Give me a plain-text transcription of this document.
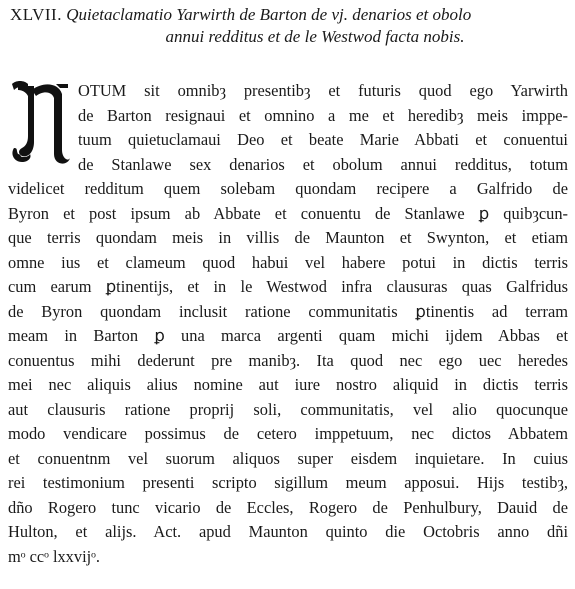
XLVII. Quietaclamatio Yarwirth de Barton de vj. denarios et obolo
annui redditus et de le Westwod facta nobis.
OTUM sit omnibȝ presentibȝ et futuris quod ego Yarwirth
de Barton resignaui et omnino a me et heredibȝ meis imppe-
tuum quietuclamaui Deo et beate Marie Abbati et conuentui
de Stanlawe sex denarios et obolum annui redditus, totum
videlicet redditum quem solebam quondam recipere a Galfrido de
Byron et post ipsum ab Abbate et conuentu de Stanlawe ꝑ quibȝcun-
que terris quondam meis in villis de Maunton et Swynton, et etiam
omne ius et clameum quod habui vel habere potui in dictis terris
cum earum ꝑtinentijs, et in le Westwod infra clausuras quas Galfridus
de Byron quondam inclusit ratione communitatis ꝑtinentis ad terram
meam in Barton ꝑ una marca argenti quam michi ijdem Abbas et
conuentus mihi dederunt pre manibȝ. Ita quod nec ego uec heredes
mei nec aliquis alius nomine aut iure nostro aliquid in dictis terris
aut clausuris ratione proprij soli, communitatis, vel alio quocunque
modo vendicare possimus de cetero imppetuum, nec dictos Abbatem
et conuentnm vel suorum aliquos super eisdem inquietare. In cuius
rei testimonium presenti scripto sigillum meum apposui. Hijs testibȝ,
dño Rogero tunc vicario de Eccles, Rogero de Penhulbury, Dauid de
Hulton, et alijs. Act. apud Maunton quinto die Octobris anno dñi
mᵒ ccᵒ lxxvijᵒ.
